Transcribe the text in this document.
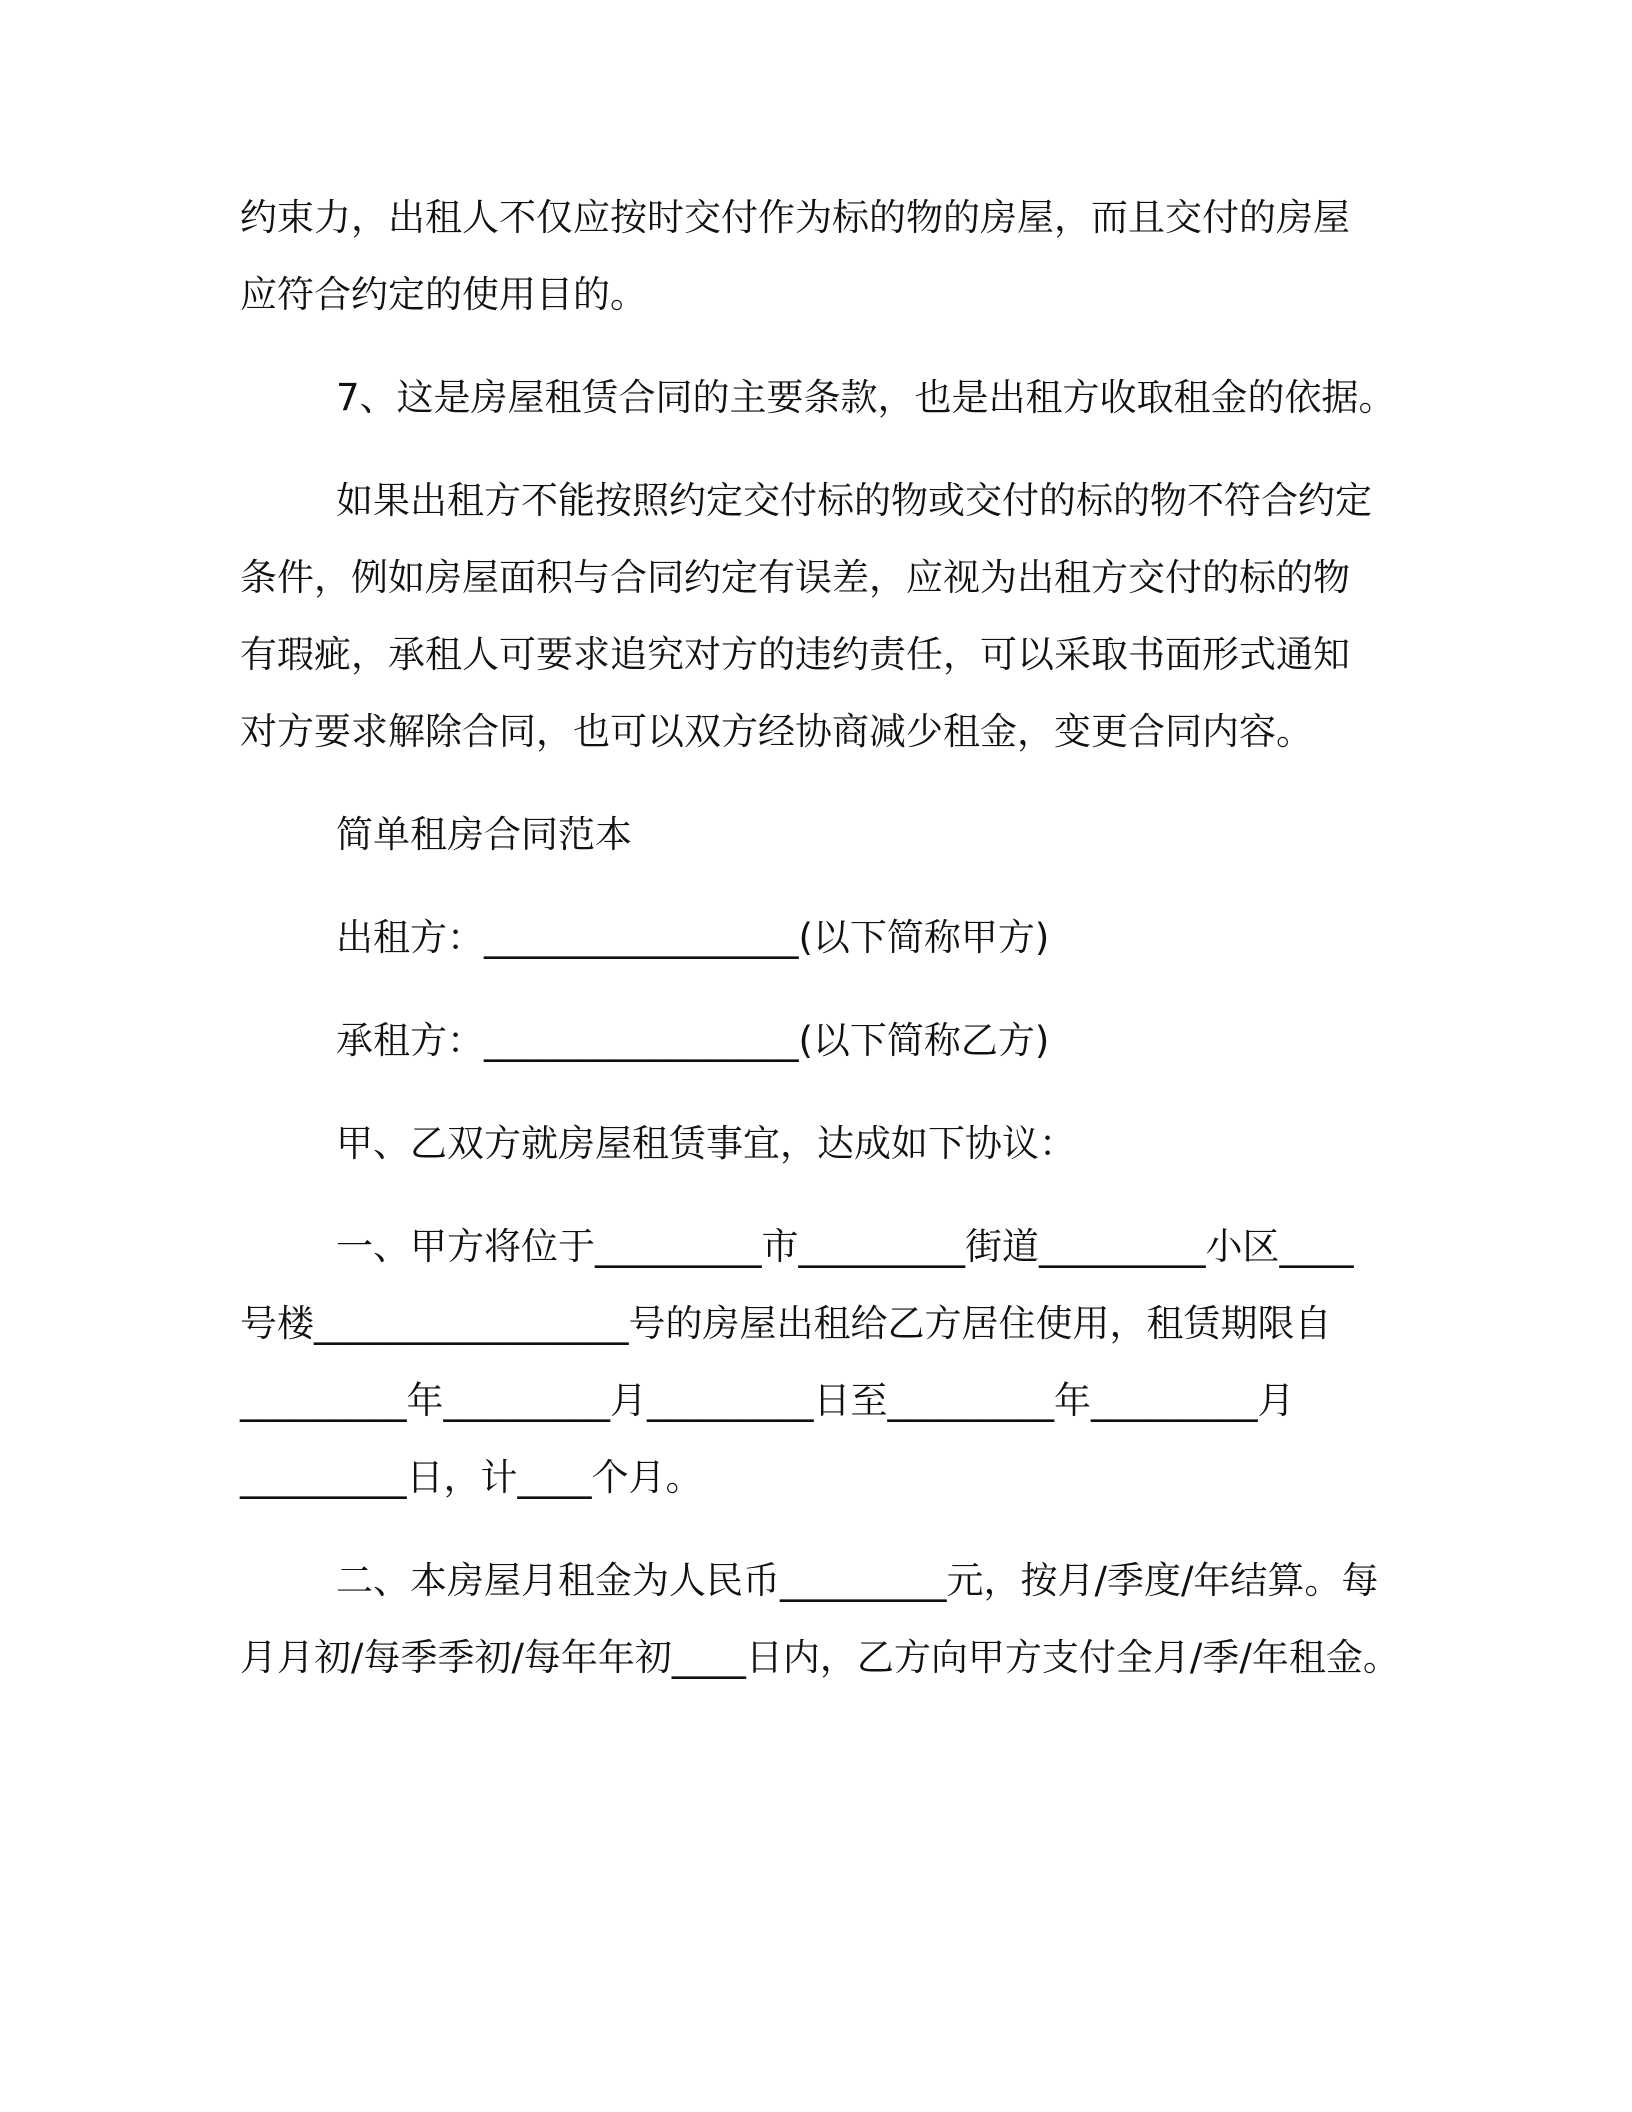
约束力，出租人不仅应按时交付作为标的物的房屋，而且交付的房屋

应符合约定的使用目的。

7、这是房屋租赁合同的主要条款，也是出租方收取租金的依据。

如果出租方不能按照约定交付标的物或交付的标的物不符合约定

条件，例如房屋面积与合同约定有误差，应视为出租方交付的标的物

有瑕疵，承租人可要求追究对方的违约责任，可以采取书面形式通知

对方要求解除合同，也可以双方经协商减少租金，变更合同内容。

简单租房合同范本

出租方：_________________(以下简称甲方)

承租方：_________________(以下简称乙方)

甲、乙双方就房屋租赁事宜，达成如下协议：

一、甲方将位于_________市_________街道_________小区____

号楼_________________号的房屋出租给乙方居住使用，租赁期限自

_________年_________月_________日至_________年_________月

_________日，计____个月。

二、本房屋月租金为人民币_________元，按月/季度/年结算。每

月月初/每季季初/每年年初____日内，乙方向甲方支付全月/季/年租金。
